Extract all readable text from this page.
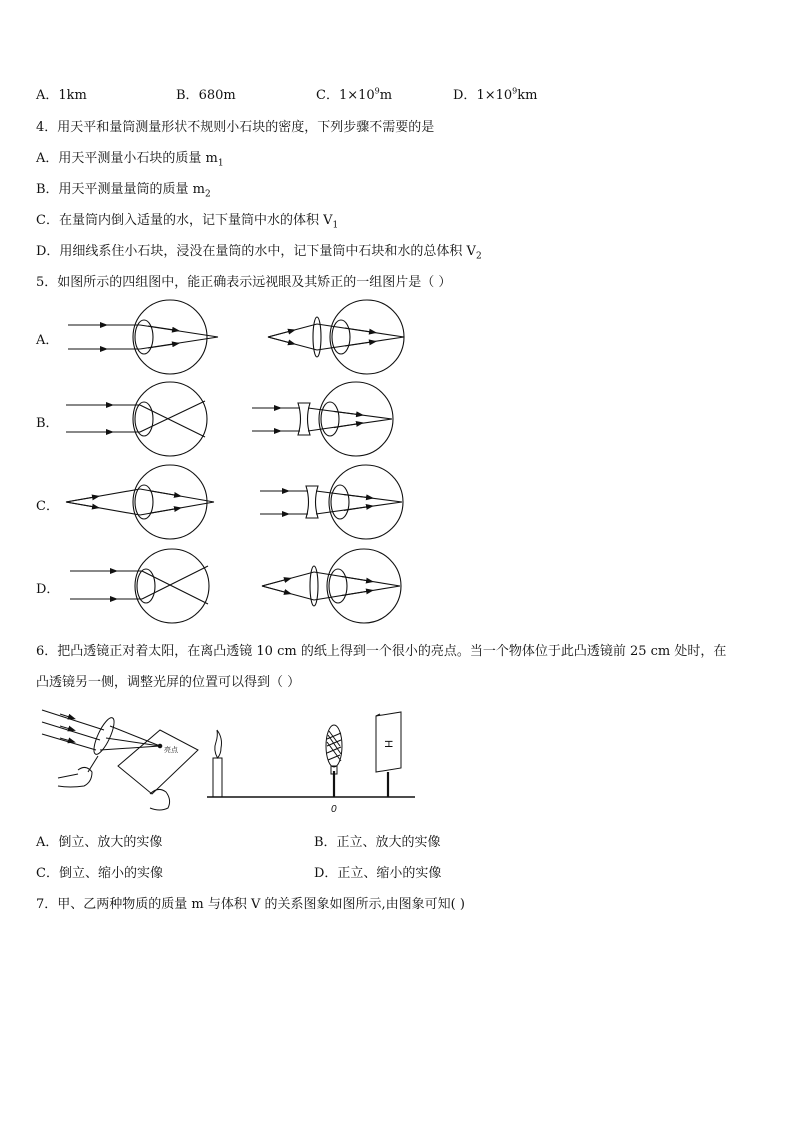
A．1km	B．680m	C．$1\times 10^9m$	D．$1\times 10^9km$
4．用天平和量筒测量形状不规则小石块的密度，下列步骤不需要的是
A．用天平测量小石块的质量 $m_1$
B．用天平测量量筒的质量 $m_2$
C．在量筒内倒入适量的水，记下量筒中水的体积 $V_1$
D．用细线系住小石块，浸没在量筒的水中，记下量筒中石块和水的总体积 $V_2$
5．如图所示的四组图中，能正确表示远视眼及其矫正的一组图片是（ ）
A．
B．
C．
D．
6．把凸透镜正对着太阳，在离凸透镜 10 cm 的纸上得到一个很小的亮点。当一个物体位于此凸透镜前 25 cm 处时，在
凸透镜另一侧，调整光屏的位置可以得到（ ）
亮点
H
0
A．倒立、放大的实像	B．正立、放大的实像
C．倒立、缩小的实像	D．正立、缩小的实像
7．甲、乙两种物质的质量 m 与体积 V 的关系图象如图所示,由图象可知( )
